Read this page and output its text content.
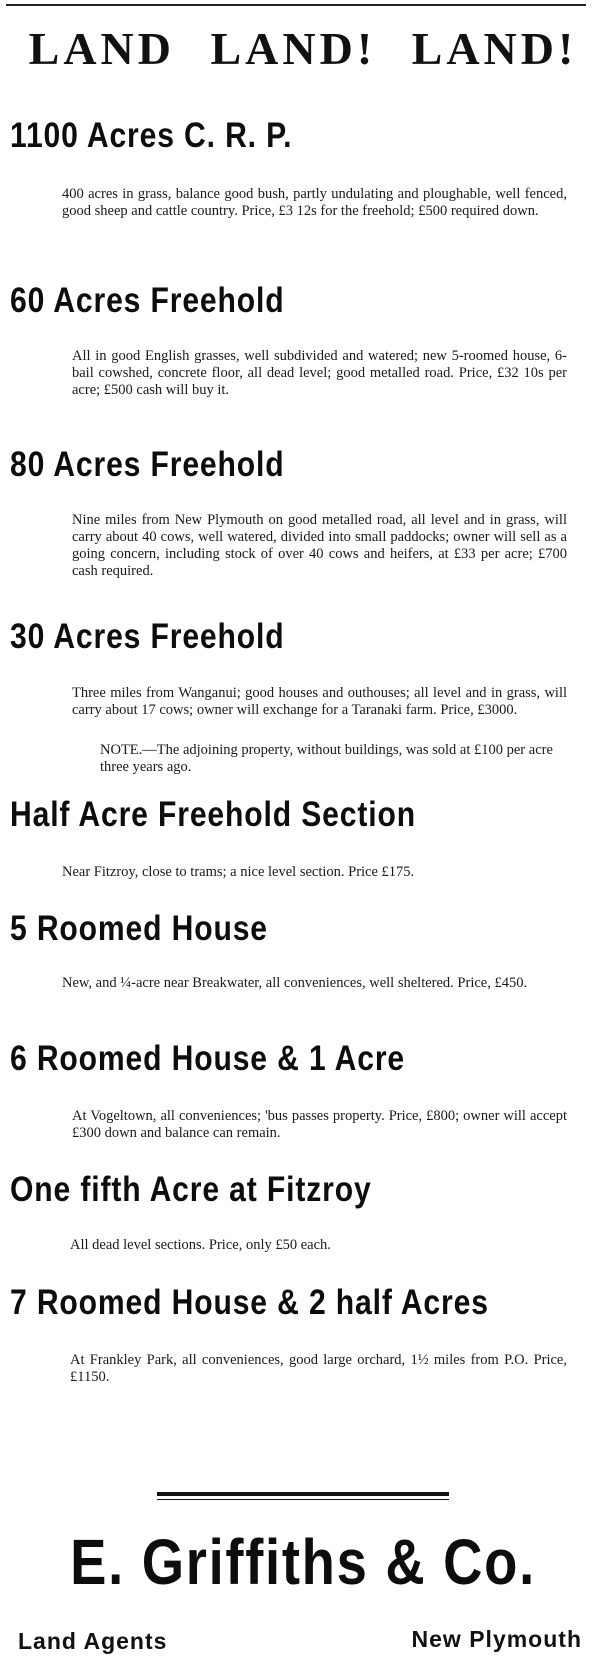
LAND LAND! LAND!
1100 Acres C. R. P.
400 acres in grass, balance good bush, partly undulating and ploughable, well fenced, good sheep and cattle country. Price, £3 12s for the freehold; £500 required down.
60 Acres Freehold
All in good English grasses, well subdivided and watered; new 5-roomed house, 6-bail cowshed, concrete floor, all dead level; good metalled road. Price, £32 10s per acre; £500 cash will buy it.
80 Acres Freehold
Nine miles from New Plymouth on good metalled road, all level and in grass, will carry about 40 cows, well watered, divided into small paddocks; owner will sell as a going concern, including stock of over 40 cows and heifers, at £33 per acre; £700 cash required.
30 Acres Freehold
Three miles from Wanganui; good houses and outhouses; all level and in grass, will carry about 17 cows; owner will exchange for a Taranaki farm. Price, £3000.
NOTE.—The adjoining property, without buildings, was sold at £100 per acre three years ago.
Half Acre Freehold Section
Near Fitzroy, close to trams; a nice level section. Price £175.
5 Roomed House
New, and ¼-acre near Breakwater, all conveniences, well sheltered. Price, £450.
6 Roomed House & 1 Acre
At Vogeltown, all conveniences; 'bus passes property. Price, £800; owner will accept £300 down and balance can remain.
One fifth Acre at Fitzroy
All dead level sections. Price, only £50 each.
7 Roomed House & 2 half Acres
At Frankley Park, all conveniences, good large orchard, 1½ miles from P.O. Price, £1150.
E. Griffiths & Co.
Land Agents	New Plymouth
